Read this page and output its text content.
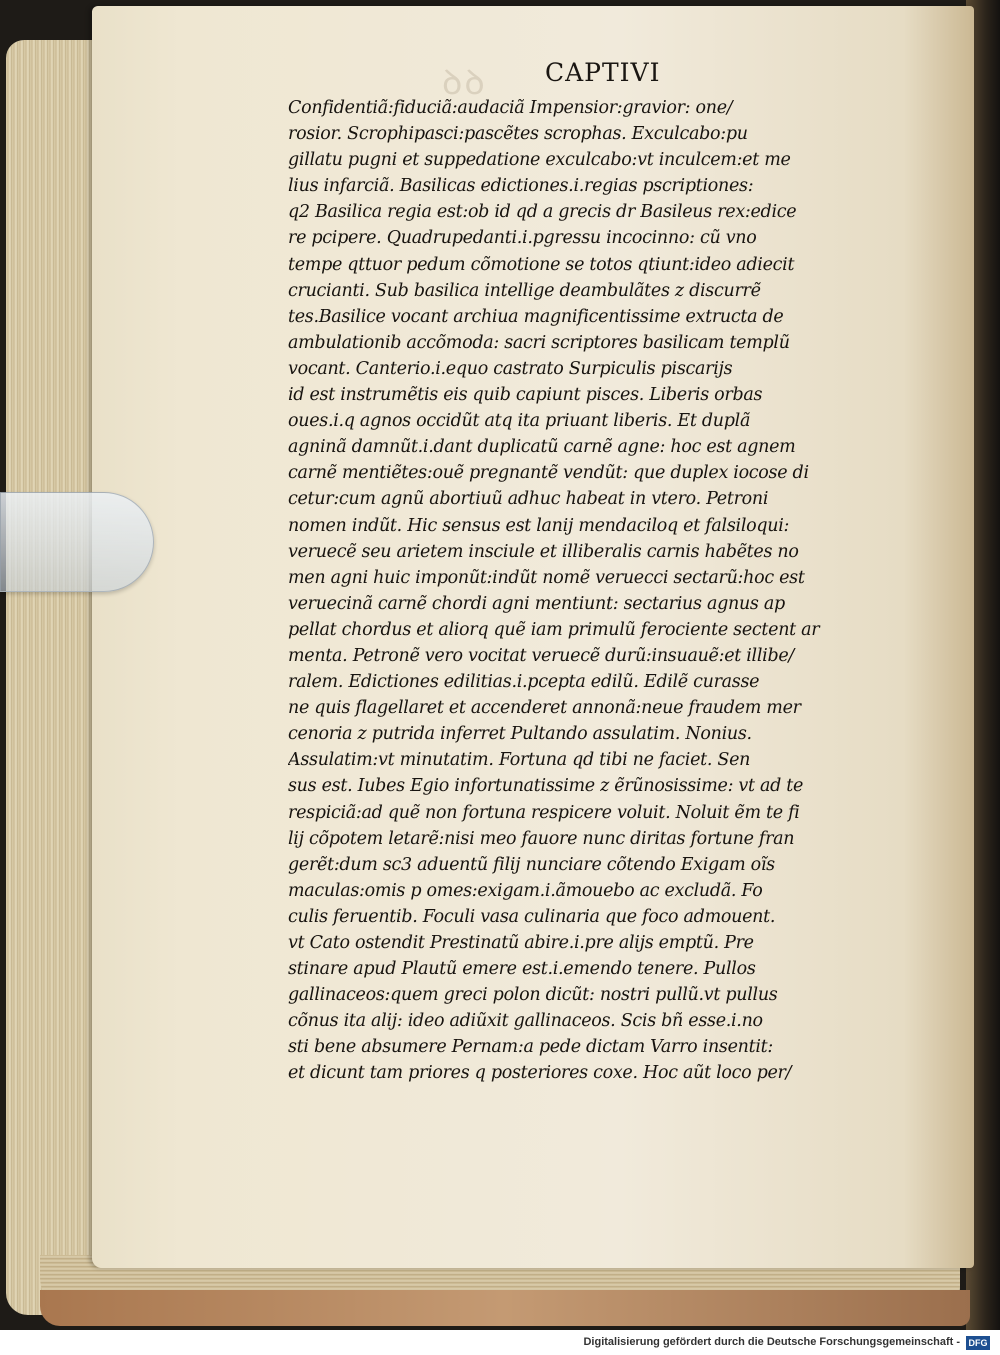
ꝺꝺ CAPTIVI
Confidentiã:fiduciã:audaciã Impensior:gravior: one/
rosior. Scrophipasci:pascẽtes scrophas. Exculcabo:pu
gillatu pugni et suppedatione exculcabo:vt inculcem:et me
lius infarciã. Basilicas edictiones.i.regias pscriptiones:
q2 Basilica regia est:ob id qd a grecis dr Basileus rex:edice
re pcipere. Quadrupedanti.i.pgressu incocinno: cũ vno
tempe qttuor pedum cõmotione se totos qtiunt:ideo adiecit
crucianti. Sub basilica intellige deambulãtes z discurrẽ
tes.Basilice vocant archiua magnificentissime extructa de
ambulationib accõmoda: sacri scriptores basilicam templũ
vocant. Canterio.i.equo castrato Surpiculis piscarijs
id est instrumẽtis eis quib capiunt pisces. Liberis orbas
oues.i.q agnos occidũt atq ita priuant liberis. Et duplã
agninã damnũt.i.dant duplicatũ carnẽ agne: hoc est agnem
carnẽ mentiẽtes:ouẽ pregnantẽ vendũt: que duplex iocose di
cetur:cum agnũ abortiuũ adhuc habeat in vtero. Petroni
nomen indũt. Hic sensus est lanij mendaciloq et falsiloqui:
veruecẽ seu arietem insciule et illiberalis carnis habẽtes no
men agni huic imponũt:indũt nomẽ veruecci sectarũ:hoc est
veruecinã carnẽ chordi agni mentiunt: sectarius agnus ap
pellat chordus et aliorq quẽ iam primulũ ferociente sectent ar
menta. Petronẽ vero vocitat veruecẽ durũ:insuauẽ:et illibe/
ralem. Edictiones edilitias.i.pcepta edilũ. Edilẽ curasse
ne quis flagellaret et accenderet annonã:neue fraudem mer
cenoria z putrida inferret Pultando assulatim. Nonius.
Assulatim:vt minutatim. Fortuna qd tibi ne faciet. Sen
sus est. Iubes Egio infortunatissime z ẽrũnosissime: vt ad te
respiciã:ad quẽ non fortuna respicere voluit. Noluit ẽm te fi
lij cõpotem letarẽ:nisi meo fauore nunc diritas fortune fran
gerẽt:dum sc3 aduentũ filij nunciare cõtendo Exigam oĩs
maculas:omis p omes:exigam.i.ãmouebo ac excludã. Fo
culis feruentib. Foculi vasa culinaria que foco admouent.
vt Cato ostendit Prestinatũ abire.i.pre alijs emptũ. Pre
stinare apud Plautũ emere est.i.emendo tenere. Pullos
gallinaceos:quem greci polon dicũt: nostri pullũ.vt pullus
cõnus ita alij: ideo adiũxit gallinaceos. Scis bñ esse.i.no
sti bene absumere Pernam:a pede dictam Varro insentit:
et dicunt tam priores q posteriores coxe. Hoc aũt loco per/
Digitalisierung gefördert durch die Deutsche Forschungsgemeinschaft - DFG
